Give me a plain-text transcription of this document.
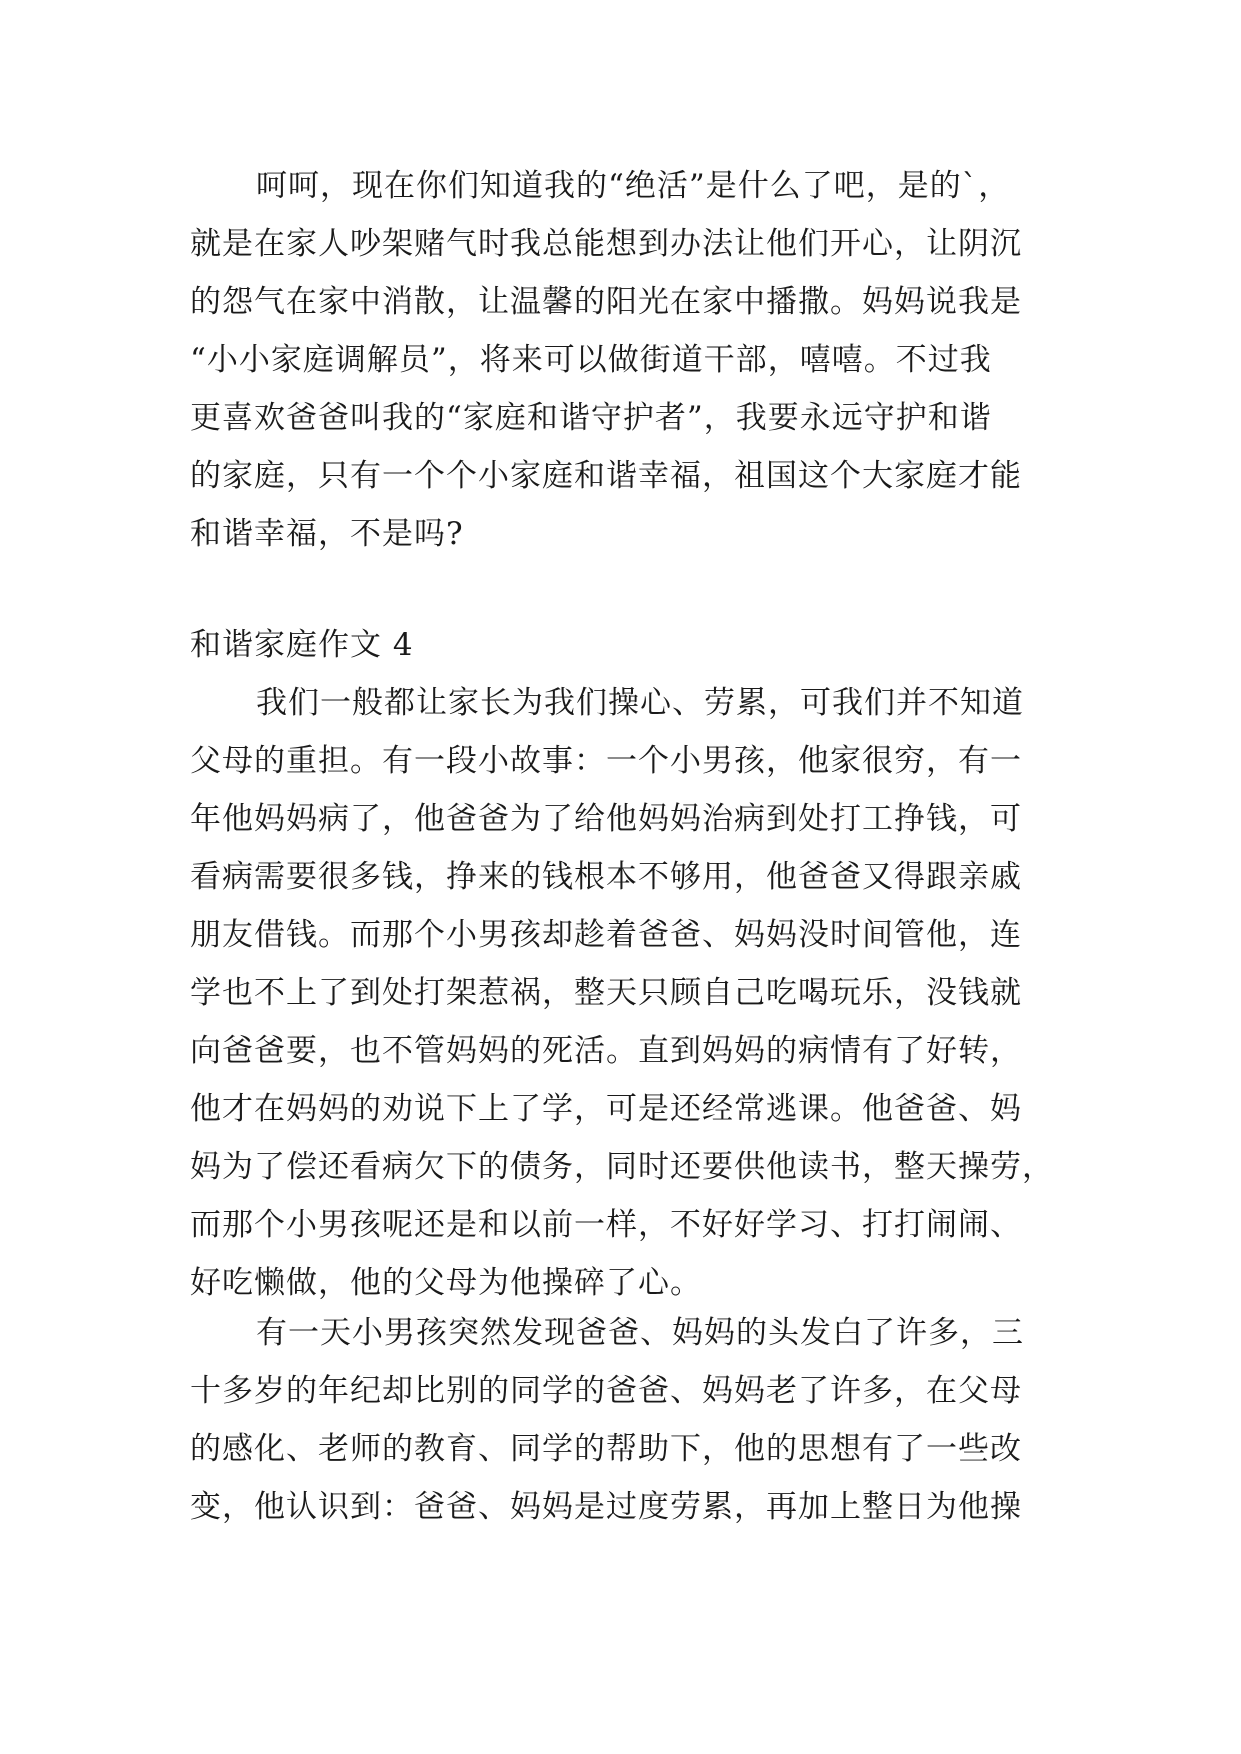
呵呵，现在你们知道我的“绝活”是什么了吧，是的`，
就是在家人吵架赌气时我总能想到办法让他们开心，让阴沉
的怨气在家中消散，让温馨的阳光在家中播撒。妈妈说我是
“小小家庭调解员”，将来可以做街道干部，嘻嘻。不过我
更喜欢爸爸叫我的“家庭和谐守护者”，我要永远守护和谐
的家庭，只有一个个小家庭和谐幸福，祖国这个大家庭才能
和谐幸福，不是吗?
和谐家庭作文 4
我们一般都让家长为我们操心、劳累，可我们并不知道
父母的重担。有一段小故事：一个小男孩，他家很穷，有一
年他妈妈病了，他爸爸为了给他妈妈治病到处打工挣钱，可
看病需要很多钱，挣来的钱根本不够用，他爸爸又得跟亲戚
朋友借钱。而那个小男孩却趁着爸爸、妈妈没时间管他，连
学也不上了到处打架惹祸，整天只顾自己吃喝玩乐，没钱就
向爸爸要，也不管妈妈的死活。直到妈妈的病情有了好转，
他才在妈妈的劝说下上了学，可是还经常逃课。他爸爸、妈
妈为了偿还看病欠下的债务，同时还要供他读书，整天操劳，
而那个小男孩呢还是和以前一样，不好好学习、打打闹闹、
好吃懒做，他的父母为他操碎了心。
有一天小男孩突然发现爸爸、妈妈的头发白了许多，三
十多岁的年纪却比别的同学的爸爸、妈妈老了许多，在父母
的感化、老师的教育、同学的帮助下，他的思想有了一些改
变，他认识到：爸爸、妈妈是过度劳累，再加上整日为他操
